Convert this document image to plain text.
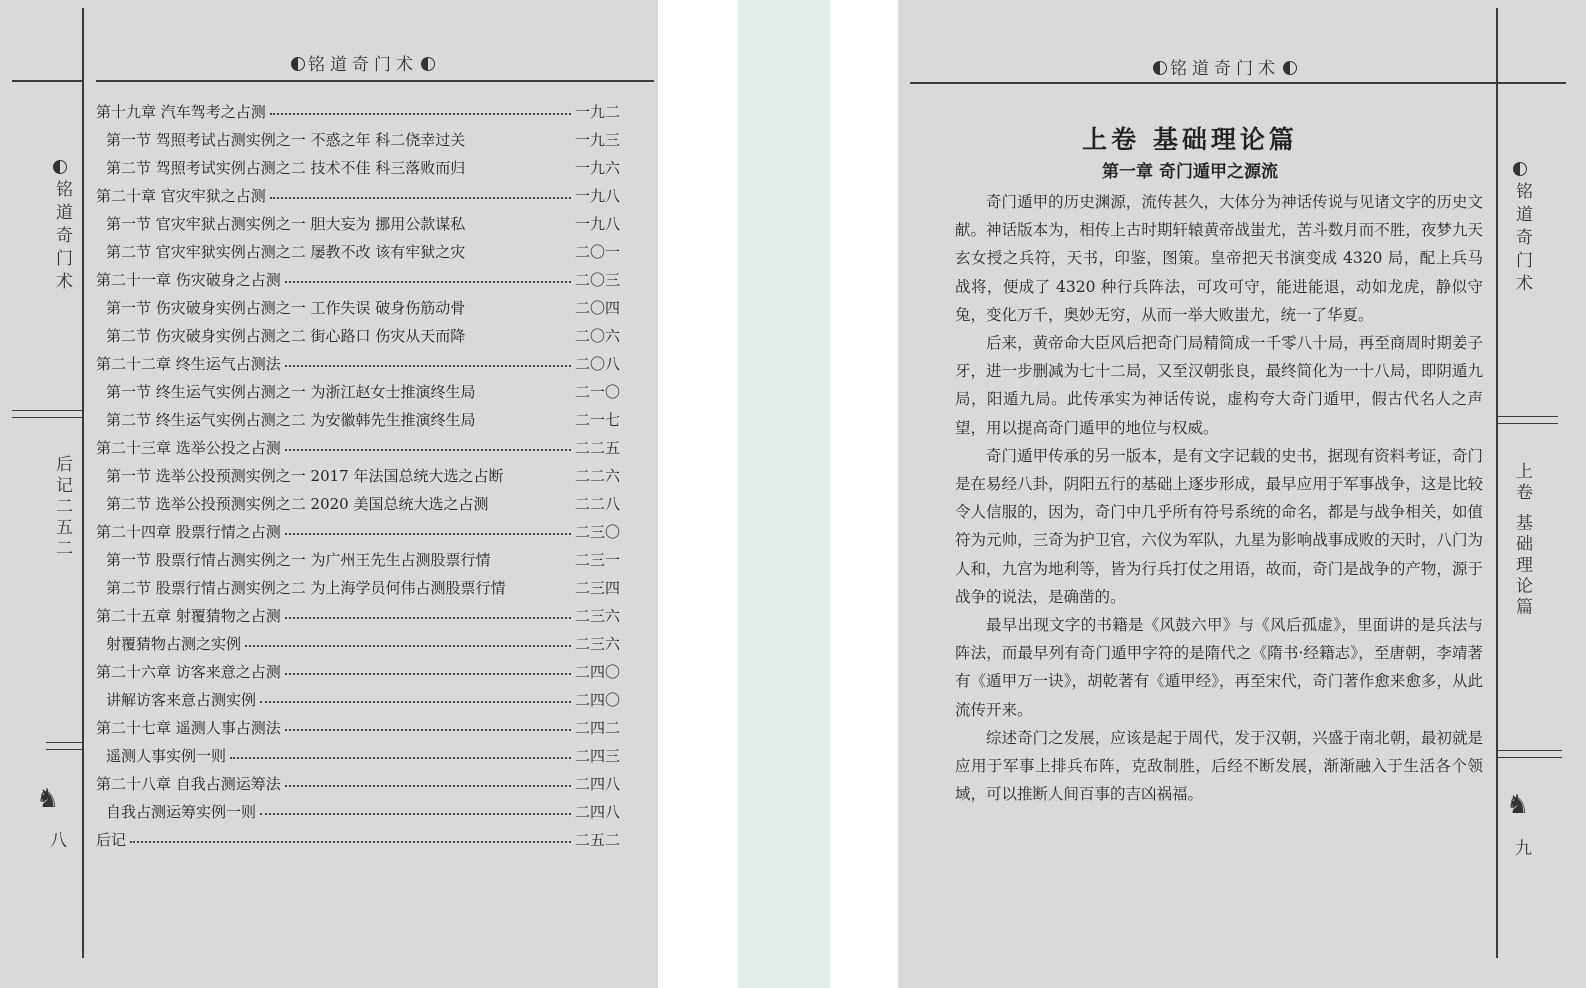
铭道奇门术
铭道奇门术
后记二五二
♞
八
第十九章 汽车驾考之占测	一九二
第一节 驾照考试占测实例之一 不惑之年 科二侥幸过关	一九三
第二节 驾照考试实例占测之二 技术不佳 科三落败而归	一九六
第二十章 官灾牢狱之占测	一九八
第一节 官灾牢狱占测实例之一 胆大妄为 挪用公款谋私	一九八
第二节 官灾牢狱实例占测之二 屡教不改 该有牢狱之灾	二〇一
第二十一章 伤灾破身之占测	二〇三
第一节 伤灾破身实例占测之一 工作失误 破身伤筋动骨	二〇四
第二节 伤灾破身实例占测之二 街心路口 伤灾从天而降	二〇六
第二十二章 终生运气占测法	二〇八
第一节 终生运气实例占测之一 为浙江赵女士推演终生局	二一〇
第二节 终生运气实例占测之二 为安徽韩先生推演终生局	二一七
第二十三章 选举公投之占测	二二五
第一节 选举公投预测实例之一 2017 年法国总统大选之占断	二二六
第二节 选举公投预测实例之二 2020 美国总统大选之占测	二二八
第二十四章 股票行情之占测	二三〇
第一节 股票行情占测实例之一 为广州王先生占测股票行情	二三一
第二节 股票行情占测实例之二 为上海学员何伟占测股票行情	二三四
第二十五章 射覆猜物之占测	二三六
射覆猜物占测之实例	二三六
第二十六章 访客来意之占测	二四〇
讲解访客来意占测实例	二四〇
第二十七章 遥测人事占测法	二四二
遥测人事实例一则	二四三
第二十八章 自我占测运筹法	二四八
自我占测运筹实例一则	二四八
后记	二五二
铭道奇门术
铭道奇门术
上卷 基础理论篇
♞
九
上卷 基础理论篇
第一章 奇门遁甲之源流

奇门遁甲的历史渊源，流传甚久，大体分为神话传说与见诸文字的历史文献。神话版本为，相传上古时期轩辕黄帝战蚩尤，苦斗数月而不胜，夜梦九天玄女授之兵符，天书，印鉴，图策。皇帝把天书演变成 4320 局，配上兵马战将，便成了 4320 种行兵阵法，可攻可守，能进能退，动如龙虎，静似守兔，变化万千，奥妙无穷，从而一举大败蚩尤，统一了华夏。

后来，黄帝命大臣风后把奇门局精简成一千零八十局，再至商周时期姜子牙，进一步删减为七十二局，又至汉朝张良，最终简化为一十八局，即阴遁九局，阳遁九局。此传承实为神话传说，虚构夸大奇门遁甲，假古代名人之声望，用以提高奇门遁甲的地位与权威。

奇门遁甲传承的另一版本，是有文字记载的史书，据现有资料考证，奇门是在易经八卦，阴阳五行的基础上逐步形成，最早应用于军事战争，这是比较令人信服的，因为，奇门中几乎所有符号系统的命名，都是与战争相关，如值符为元帅，三奇为护卫官，六仪为军队，九星为影响战事成败的天时，八门为人和，九宫为地利等，皆为行兵打仗之用语，故而，奇门是战争的产物，源于战争的说法，是确凿的。

最早出现文字的书籍是《风鼓六甲》与《风后孤虚》，里面讲的是兵法与阵法，而最早列有奇门遁甲字符的是隋代之《隋书·经籍志》，至唐朝，李靖著有《遁甲万一诀》，胡乾著有《遁甲经》，再至宋代，奇门著作愈来愈多，从此流传开来。

综述奇门之发展，应该是起于周代，发于汉朝，兴盛于南北朝，最初就是应用于军事上排兵布阵，克敌制胜，后经不断发展，渐渐融入于生活各个领域，可以推断人间百事的吉凶祸福。
